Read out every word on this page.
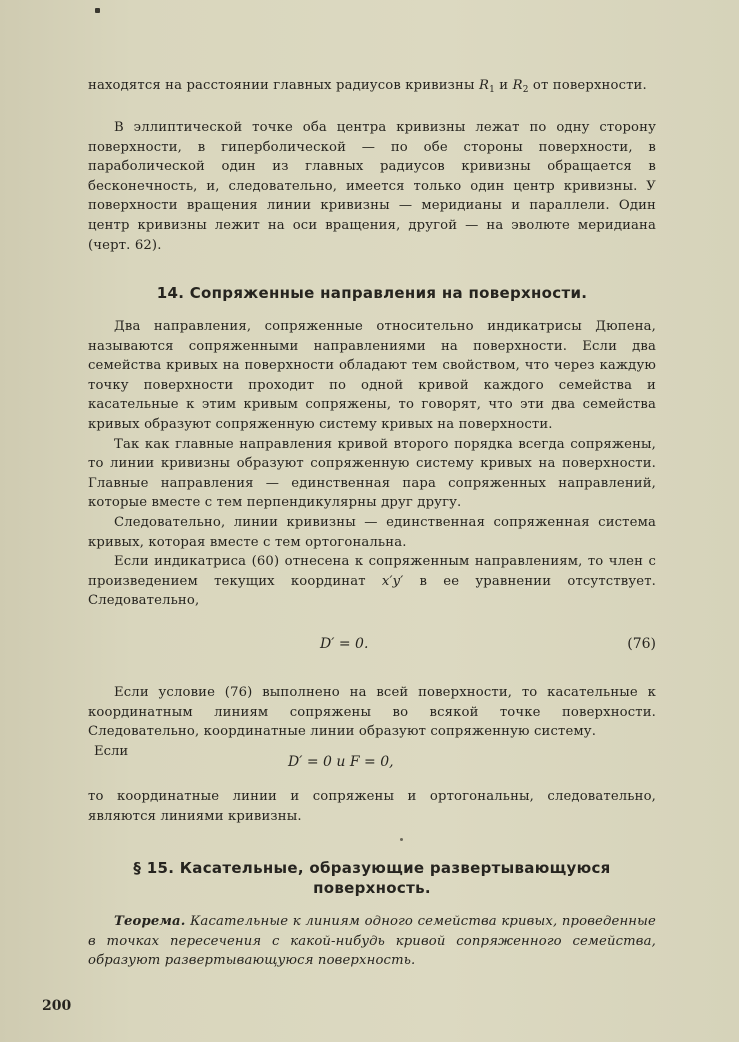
находятся на расстоянии главных радиусов кривизны $R_1$ и $R_2$ от поверхности.

В эллиптической точке оба центра кривизны лежат по одну сторону поверхности, в гиперболической — по обе стороны поверхности, в параболической один из главных радиусов кривизны обращается в бесконечность, и, следовательно, имеется только один центр кривизны. У поверхности вращения линии кривизны — меридианы и параллели. Один центр кривизны лежит на оси вращения, другой — на эволюте меридиана (черт. 62).

14. Сопряженные направления на поверхности.

Два направления, сопряженные относительно индикатрисы Дюпена, называются сопряженными направлениями на поверхности. Если два семейства кривых на поверхности обладают тем свойством, что через каждую точку поверхности проходит по одной кривой каждого семейства и касательные к этим кривым сопряжены, то говорят, что эти два семейства кривых образуют сопряженную систему кривых на поверхности.

Так как главные направления кривой второго порядка всегда сопряжены, то линии кривизны образуют сопряженную систему кривых на поверхности. Главные направления — единственная пара сопряженных направлений, которые вместе с тем перпендикулярны друг другу.

Следовательно, линии кривизны — единственная сопряженная система кривых, которая вместе с тем ортогональна.

Если индикатриса (60) отнесена к сопряженным направлениям, то член с произведением текущих координат x′y′ в ее уравнении отсутствует. Следовательно,

D′ = 0.	(76)

Если условие (76) выполнено на всей поверхности, то касательные к координатным линиям сопряжены во всякой точке поверхности. Следовательно, координатные линии образуют сопряженную систему.

Если
D′ = 0 и F = 0,

то координатные линии и сопряжены и ортогональны, следовательно, являются линиями кривизны.

§ 15. Касательные, образующие развертывающуюся
поверхность.

Теорема. Касательные к линиям одного семейства кривых, проведенные в точках пересечения с какой-нибудь кривой сопряженного семейства, образуют развертывающуюся поверхность.

200
